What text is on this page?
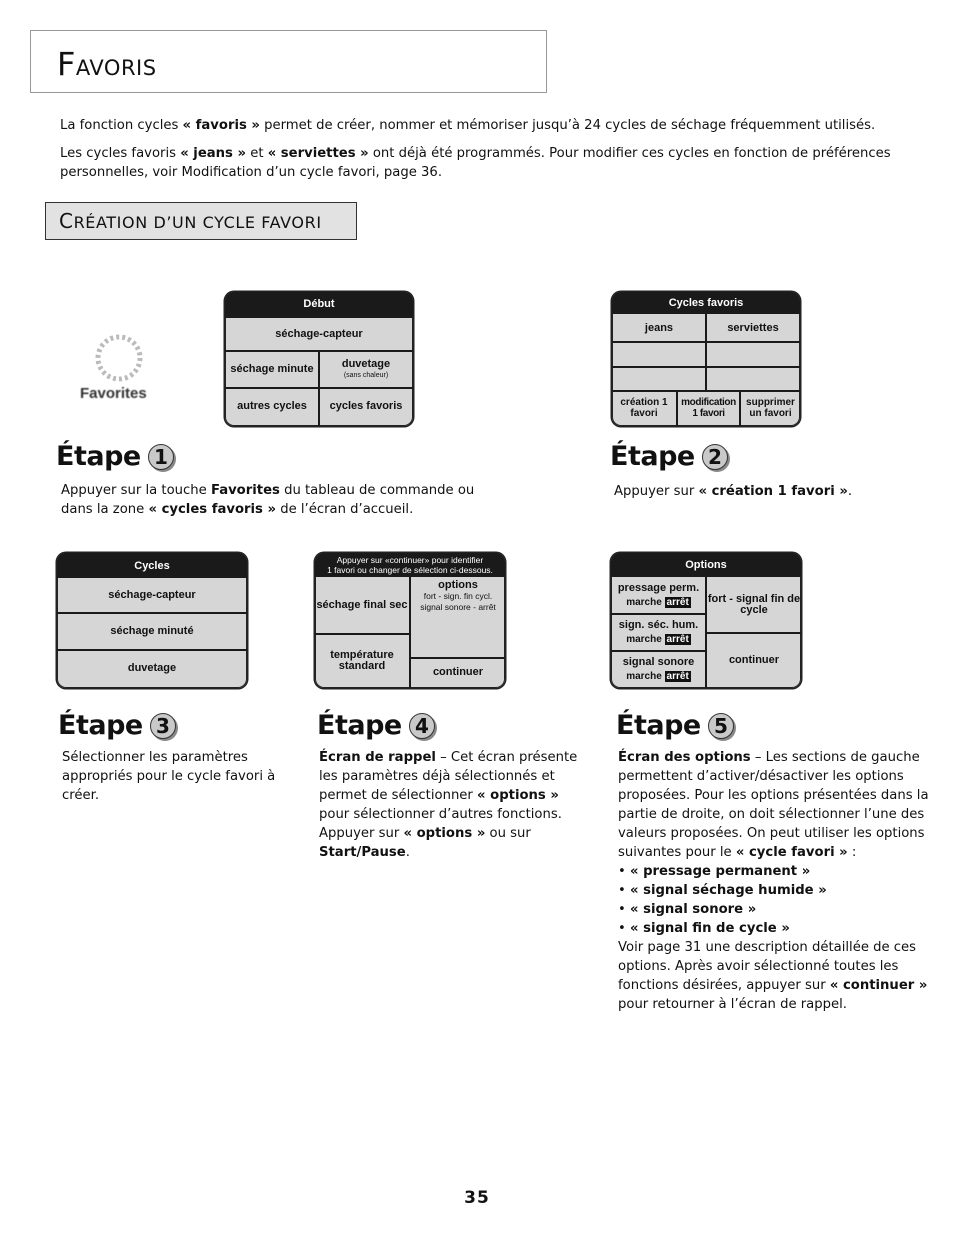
FAVORIS
La fonction cycles « favoris » permet de créer, nommer et mémoriser jusqu’à 24 cycles de séchage fréquemment utilisés.
Les cycles favoris « jeans » et « serviettes » ont déjà été programmés. Pour modifier ces cycles en fonction de préférences
personnelles, voir Modification d’un cycle favori, page 36.
CRÉATION D’UN CYCLE FAVORI
Favorites
Début
séchage-capteur
séchage minute	duvetage
(sans chaleur)
autres cycles	cycles favoris
Cycles favoris
jeans	serviettes
création 1 favori
modification 1 favori
supprimer un favori
Étape 1
Appuyer sur la touche Favorites du tableau de commande ou
dans la zone « cycles favoris » de l’écran d’accueil.
Étape 2
Appuyer sur « création 1 favori ».
Cycles
séchage-capteur
séchage minuté
duvetage
Appuyer sur «continuer» pour identifier
1 favori ou changer de sélection ci-dessous.
séchage final sec
température standard
options
fort - sign. fin cycl.
signal sonore - arrêt
continuer
Options
pressage perm.
marche arrêt
sign. séc. hum.
marche arrêt
signal sonore
marche arrêt
fort - signal fin de cycle
continuer
Étape 3
Sélectionner les paramètres
appropriés pour le cycle favori à
créer.
Étape 4
Écran de rappel – Cet écran présente
les paramètres déjà sélectionnés et
permet de sélectionner « options »
pour sélectionner d’autres fonctions.
Appuyer sur « options » ou sur
Start/Pause.
Étape 5
Écran des options – Les sections de gauche
permettent d’activer/désactiver les options
proposées. Pour les options présentées dans la
partie de droite, on doit sélectionner l’une des
valeurs proposées. On peut utiliser les options
suivantes pour le « cycle favori » :
• « pressage permanent »
• « signal séchage humide »
• « signal sonore »
• « signal fin de cycle »
Voir page 31 une description détaillée de ces
options. Après avoir sélectionné toutes les
fonctions désirées, appuyer sur « continuer »
pour retourner à l’écran de rappel.
35
